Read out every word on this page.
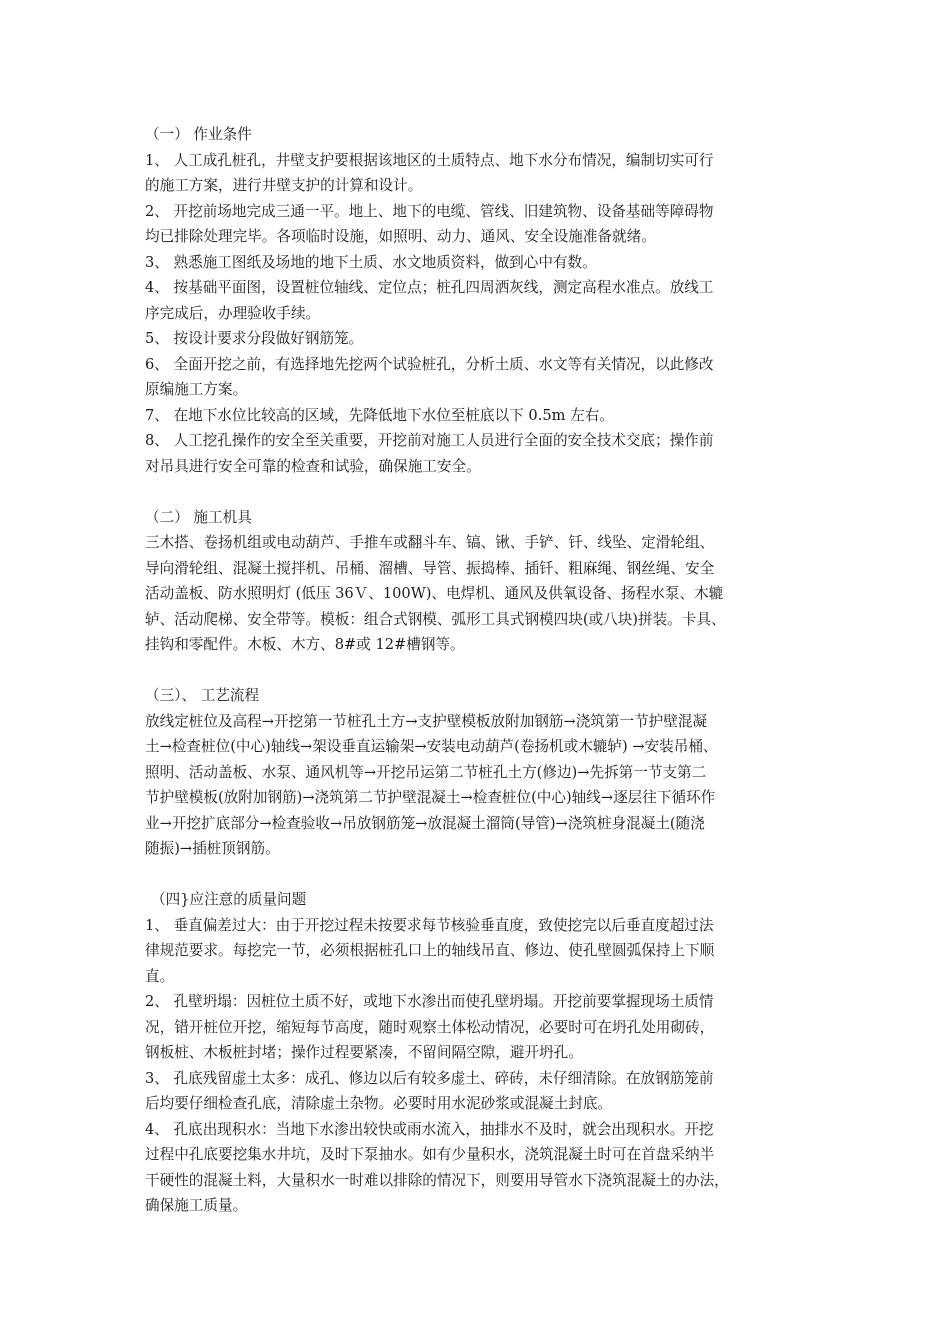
（一） 作业条件
1、 人工成孔桩孔，井壁支护要根据该地区的土质特点、地下水分布情况，编制切实可行
的施工方案，进行井壁支护的计算和设计。
2、 开挖前场地完成三通一平。地上、地下的电缆、管线、旧建筑物、设备基础等障碍物
均已排除处理完毕。各项临时设施，如照明、动力、通风、安全设施准备就绪。
3、 熟悉施工图纸及场地的地下土质、水文地质资料，做到心中有数。
4、 按基础平面图，设置桩位轴线、定位点；桩孔四周洒灰线，测定高程水准点。放线工
序完成后，办理验收手续。
5、 按设计要求分段做好钢筋笼。
6、 全面开挖之前，有选择地先挖两个试验桩孔，分析土质、水文等有关情况，以此修改
原编施工方案。
7、 在地下水位比较高的区域，先降低地下水位至桩底以下 0.5m 左右。
8、 人工挖孔操作的安全至关重要，开挖前对施工人员进行全面的安全技术交底；操作前
对吊具进行安全可靠的检查和试验，确保施工安全。
（二） 施工机具
三木搭、卷扬机组或电动葫芦、手推车或翻斗车、镐、锹、手铲、钎、线坠、定滑轮组、
导向滑轮组、混凝土搅拌机、吊桶、溜槽、导管、振捣棒、插钎、粗麻绳、钢丝绳、安全
活动盖板、防水照明灯 (低压 36Ｖ、100W)、电焊机、通风及供氧设备、扬程水泵、木辘
轳、活动爬梯、安全带等。模板：组合式钢模、弧形工具式钢模四块(或八块)拼装。卡具、
挂钩和零配件。木板、木方、8#或 12#槽钢等。
（三）、 工艺流程
放线定桩位及高程→开挖第一节桩孔土方→支护壁模板放附加钢筋→浇筑第一节护壁混凝
土→检查桩位(中心)轴线→架设垂直运输架→安装电动葫芦(卷扬机或木辘轳) →安装吊桶、
照明、活动盖板、水泵、通风机等→开挖吊运第二节桩孔土方(修边)→先拆第一节支第二
节护壁模板(放附加钢筋)→浇筑第二节护壁混凝土→检查桩位(中心)轴线→逐层往下循环作
业→开挖扩底部分→检查验收→吊放钢筋笼→放混凝土溜筒(导管)→浇筑桩身混凝土(随浇
随振)→插桩顶钢筋。
（四}应注意的质量问题
1、 垂直偏差过大：由于开挖过程未按要求每节核验垂直度，致使挖完以后垂直度超过法
律规范要求。每挖完一节，必须根据桩孔口上的轴线吊直、修边、使孔壁圆弧保持上下顺
直。
2、 孔壁坍塌：因桩位土质不好，或地下水渗出而使孔壁坍塌。开挖前要掌握现场土质情
况，错开桩位开挖，缩短每节高度，随时观察土体松动情况，必要时可在坍孔处用砌砖，
钢板桩、木板桩封堵；操作过程要紧凑，不留间隔空隙，避开坍孔。
3、 孔底残留虚土太多：成孔、修边以后有较多虚土、碎砖，未仔细清除。在放钢筋笼前
后均要仔细检查孔底，清除虚土杂物。必要时用水泥砂浆或混凝土封底。
4、 孔底出现积水：当地下水渗出较快或雨水流入，抽排水不及时，就会出现积水。开挖
过程中孔底要挖集水井坑，及时下泵抽水。如有少量积水，浇筑混凝土时可在首盘采纳半
干硬性的混凝土料，大量积水一时难以排除的情况下，则要用导管水下浇筑混凝土的办法，
确保施工质量。
